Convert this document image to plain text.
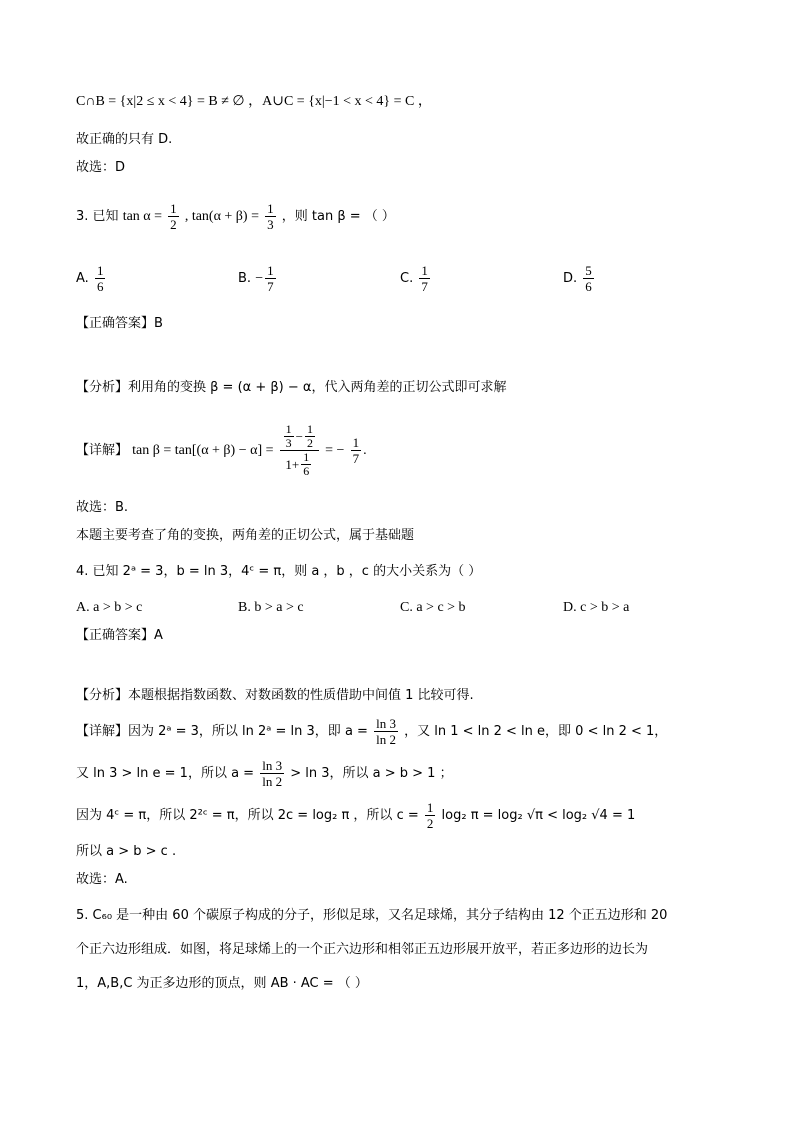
C∩B = {x|2 ≤ x < 4} = B ≠ ∅ ，A∪C = {x|−1 < x < 4} = C ，
故正确的只有 D.
故选：D
3. 已知 $\tan \alpha = \frac{1}{2}$ , $\tan(\alpha + \beta) = \frac{1}{3}$ ，则 tan β = （ ）
A. $\frac{1}{6}$	B. − $\frac{1}{7}$	C. $\frac{1}{7}$	D. $\frac{5}{6}$
【正确答案】B
【分析】利用角的变换 β = (α + β) − α，代入两角差的正切公式即可求解
【详解】 $\tan \beta = \tan[(\alpha + \beta) - \alpha] = \frac{\frac{1}{3} - \frac{1}{2}}{1+ \frac{1}{6}}$ = − $\frac{1}{7}$ .
故选：B.
本题主要考查了角的变换，两角差的正切公式，属于基础题
4. 已知 2ᵃ = 3，b = ln 3，4ᶜ = π，则 a ，b ，c 的大小关系为（ ）
A. a > b > c	B. b > a > c	C. a > c > b	D. c > b > a
【正确答案】A
【分析】本题根据指数函数、对数函数的性质借助中间值 1 比较可得.
【详解】因为 2ᵃ = 3，所以 ln 2ᵃ = ln 3，即 $a = \frac{\ln 3}{\ln 2}$ ，又 ln 1 < ln 2 < ln e，即 0 < ln 2 < 1，
又 ln 3 > ln e = 1，所以 $a = \frac{\ln 3}{\ln 2} > \ln 3$，所以 a > b > 1 ；
因为 4ᶜ = π，所以 2²ᶜ = π，所以 2c = log₂ π ，所以 $c = \frac{1}{2} \log_2$ π = log₂ √π < log₂ √4 = 1
所以 a > b > c .
故选：A.
5. C₆₀ 是一种由 60 个碳原子构成的分子，形似足球，又名足球烯，其分子结构由 12 个正五边形和 20
个正六边形组成．如图，将足球烯上的一个正六边形和相邻正五边形展开放平，若正多边形的边长为
1，A,B,C 为正多边形的顶点，则 AB · AC = （ ）
